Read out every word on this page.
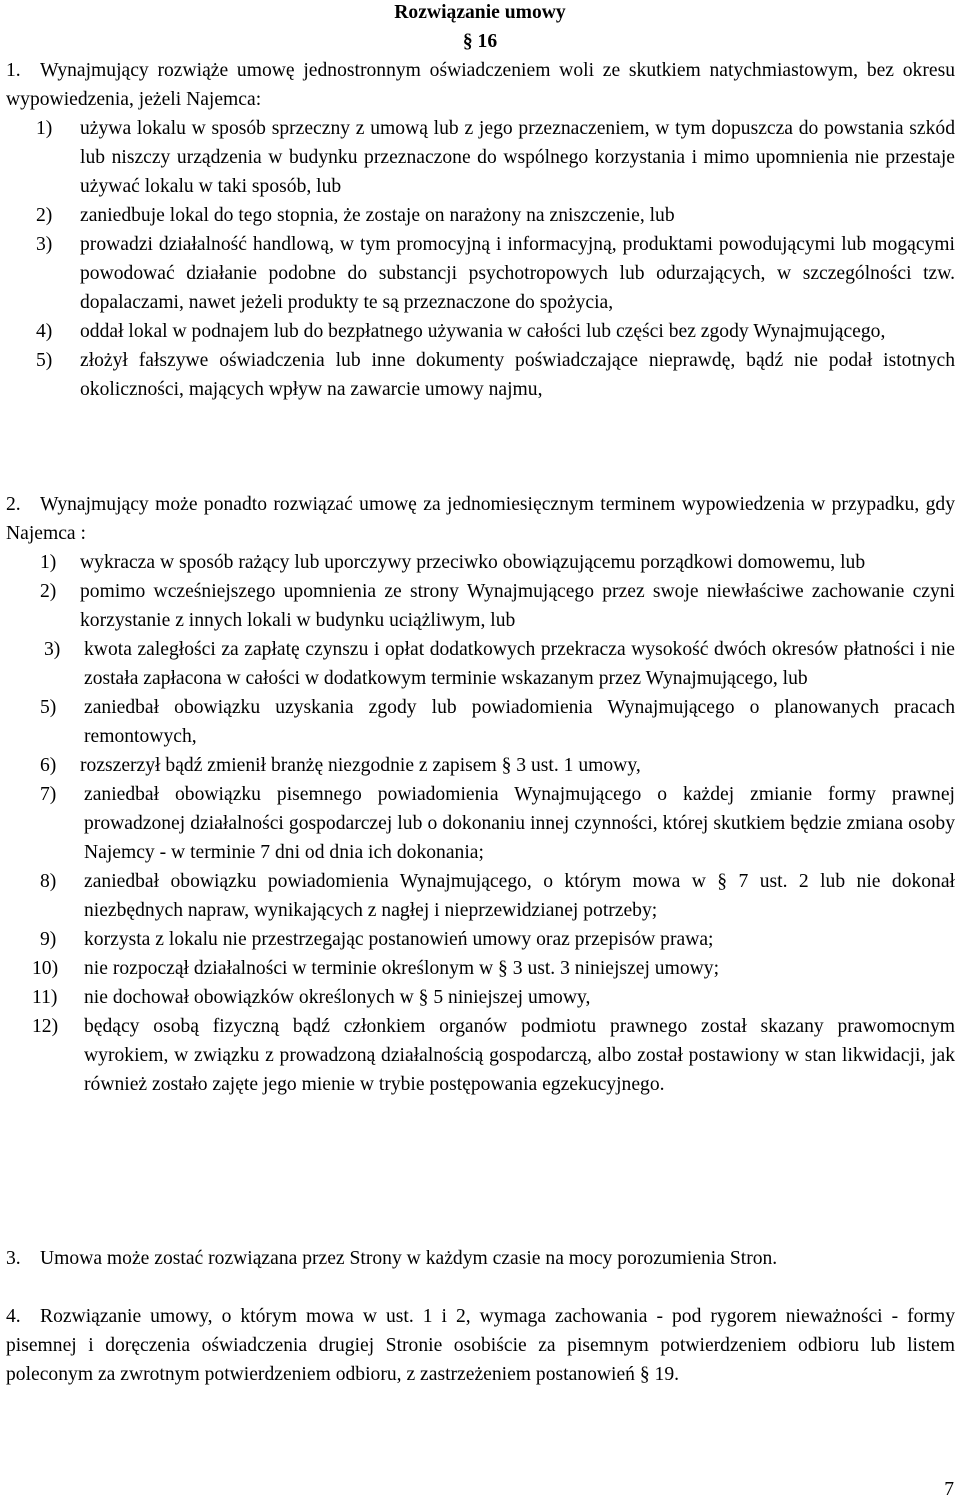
Rozwiązanie umowy
§ 16
1. Wynajmujący rozwiąże umowę jednostronnym oświadczeniem woli ze skutkiem natychmiastowym, bez okresu wypowiedzenia, jeżeli Najemca:

1) używa lokalu w sposób sprzeczny z umową lub z jego przeznaczeniem, w tym dopuszcza do powstania szkód lub niszczy urządzenia w budynku przeznaczone do wspólnego korzystania i mimo upomnienia nie przestaje używać lokalu w taki sposób, lub

2) zaniedbuje lokal do tego stopnia, że zostaje on narażony na zniszczenie, lub

3) prowadzi działalność handlową, w tym promocyjną i informacyjną, produktami powodującymi lub mogącymi powodować działanie podobne do substancji psychotropowych lub odurzających, w szczególności tzw. dopalaczami, nawet jeżeli produkty te są przeznaczone do spożycia,

4) oddał lokal w podnajem lub do bezpłatnego używania w całości lub części bez zgody Wynajmującego,

5) złożył fałszywe oświadczenia lub inne dokumenty poświadczające nieprawdę, bądź nie podał istotnych okoliczności, mających wpływ na zawarcie umowy najmu,

2. Wynajmujący może ponadto rozwiązać umowę za jednomiesięcznym terminem wypowiedzenia w przypadku, gdy Najemca :

1) wykracza w sposób rażący lub uporczywy przeciwko obowiązującemu porządkowi domowemu, lub

2) pomimo wcześniejszego upomnienia ze strony Wynajmującego przez swoje niewłaściwe zachowanie czyni korzystanie z innych lokali w budynku uciążliwym, lub

3) kwota zaległości za zapłatę czynszu i opłat dodatkowych przekracza wysokość dwóch okresów płatności i nie została zapłacona w całości w dodatkowym terminie wskazanym przez Wynajmującego, lub

5) zaniedbał obowiązku uzyskania zgody lub powiadomienia Wynajmującego o planowanych pracach remontowych,

6) rozszerzył bądź zmienił branżę niezgodnie z zapisem § 3 ust. 1 umowy,

7) zaniedbał obowiązku pisemnego powiadomienia Wynajmującego o każdej zmianie formy prawnej prowadzonej działalności gospodarczej lub o dokonaniu innej czynności, której skutkiem będzie zmiana osoby Najemcy - w terminie 7 dni od dnia ich dokonania;

8) zaniedbał obowiązku powiadomienia Wynajmującego, o którym mowa w § 7 ust. 2 lub nie dokonał niezbędnych napraw, wynikających z nagłej i nieprzewidzianej potrzeby;

9) korzysta z lokalu nie przestrzegając postanowień umowy oraz przepisów prawa;

10) nie rozpoczął działalności w terminie określonym w § 3 ust. 3 niniejszej umowy;

11) nie dochował obowiązków określonych w § 5 niniejszej umowy,

12) będący osobą fizyczną bądź członkiem organów podmiotu prawnego został skazany prawomocnym wyrokiem, w związku z prowadzoną działalnością gospodarczą, albo został postawiony w stan likwidacji, jak również zostało zajęte jego mienie w trybie postępowania egzekucyjnego.

3. Umowa może zostać rozwiązana przez Strony w każdym czasie na mocy porozumienia Stron.

4. Rozwiązanie umowy, o którym mowa w ust. 1 i 2, wymaga zachowania - pod rygorem nieważności - formy pisemnej i doręczenia oświadczenia drugiej Stronie osobiście za pisemnym potwierdzeniem odbioru lub listem poleconym za zwrotnym potwierdzeniem odbioru, z zastrzeżeniem postanowień § 19.

7
